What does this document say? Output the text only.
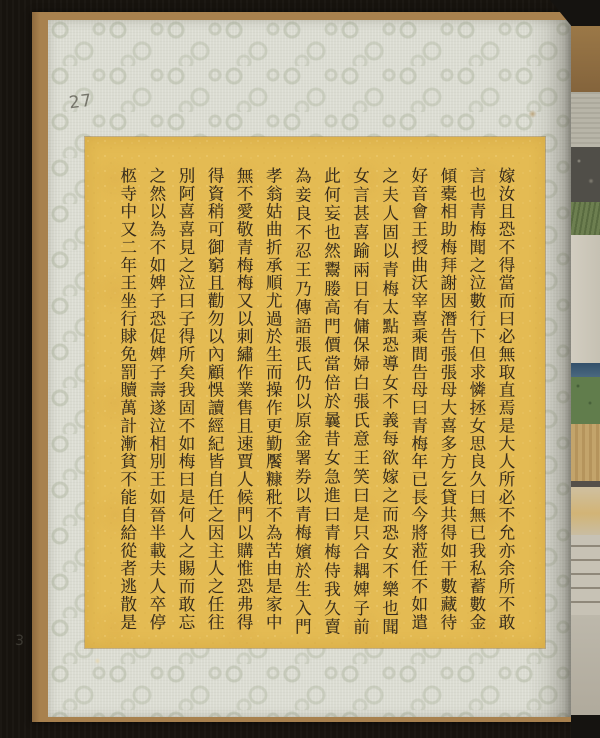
嫁汝且恐不得當而曰必無取直焉是大人所必不允亦余所不敢
言也青梅聞之泣數行下但求憐拯女思良久曰無已我私蓄數金
傾橐相助梅拜謝因潛告張張母大喜多方乞貸共得如干數藏待
好音會王授曲沃宰喜乘間告母曰青梅年已長今將蒞任不如遣
之夫人固以青梅太點恐導女不義每欲嫁之而恐女不樂也聞
女言甚喜踰兩日有傭保婦白張氏意王笑曰是只合耦婢子前
此何妄也然鬻媵高門價當倍於曩昔女急進曰青梅侍我久賣
為妾良不忍王乃傳語張氏仍以原金署券以青梅嬪於生入門
孝翁姑曲折承順尤過於生而操作更勤饜糠秕不為苦由是家中
無不愛敬青梅梅又以刺繡作業售且速賈人候門以購惟恐弗得
得資稍可御窮且勸勿以內顧悞讀經紀皆自任之因主人之任往
別阿喜喜見之泣曰子得所矣我固不如梅曰是何人之賜而敢忘
之然以為不如婢子恐促婢子壽遂泣相別王如晉半載夫人卒停
柩寺中又二年王坐行賕免罰贖萬計漸貧不能自給從者逃散是
27
3
